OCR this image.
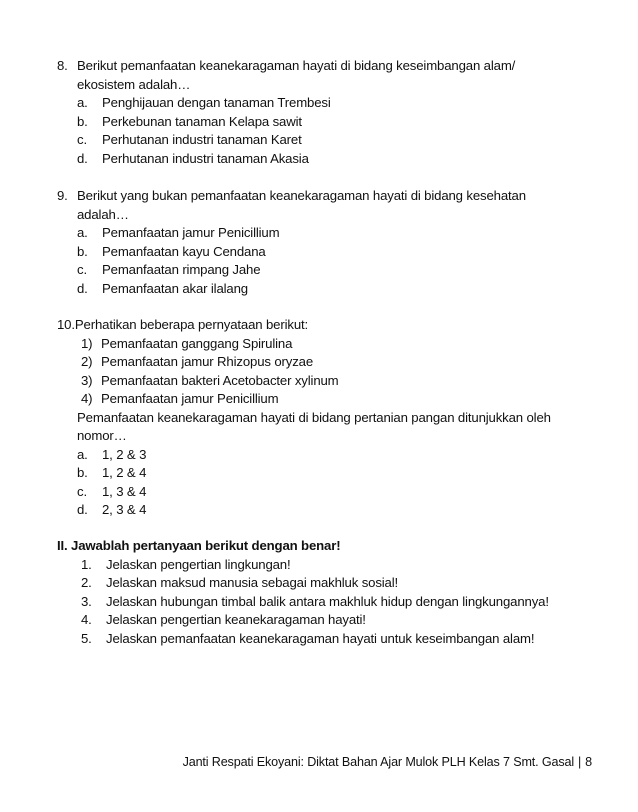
8. Berikut pemanfaatan keanekaragaman hayati di bidang keseimbangan alam/
ekosistem adalah…
a. Penghijauan dengan tanaman Trembesi
b. Perkebunan tanaman Kelapa sawit
c. Perhutanan industri tanaman Karet
d. Perhutanan industri tanaman Akasia
9. Berikut yang bukan pemanfaatan keanekaragaman hayati di bidang kesehatan
adalah…
a. Pemanfaatan jamur Penicillium
b. Pemanfaatan kayu Cendana
c. Pemanfaatan rimpang Jahe
d. Pemanfaatan akar ilalang
10.Perhatikan beberapa pernyataan berikut:
1) Pemanfaatan ganggang Spirulina
2) Pemanfaatan jamur Rhizopus oryzae
3) Pemanfaatan bakteri Acetobacter xylinum
4) Pemanfaatan jamur Penicillium
Pemanfaatan keanekaragaman hayati di bidang pertanian pangan ditunjukkan oleh
nomor…
a. 1, 2 & 3
b. 1, 2 & 4
c. 1, 3 & 4
d. 2, 3 & 4
II. Jawablah pertanyaan berikut dengan benar!
1. Jelaskan pengertian lingkungan!
2. Jelaskan maksud manusia sebagai makhluk sosial!
3. Jelaskan hubungan timbal balik antara makhluk hidup dengan lingkungannya!
4. Jelaskan pengertian keanekaragaman hayati!
5. Jelaskan pemanfaatan keanekaragaman hayati untuk keseimbangan alam!
Janti Respati Ekoyani: Diktat Bahan Ajar Mulok PLH Kelas 7 Smt. Gasal | 8
